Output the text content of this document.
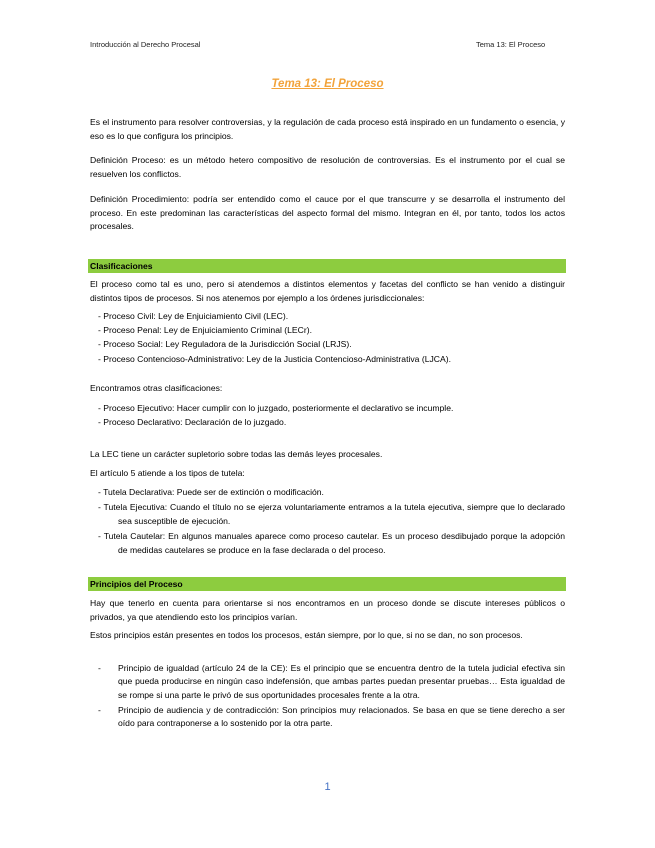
Introducción al Derecho Procesal	Tema 13: El Proceso
Tema 13: El Proceso

Es el instrumento para resolver controversias, y la regulación de cada proceso está inspirado en un fundamento o esencia, y eso es lo que configura los principios.

Definición Proceso: es un método hetero compositivo de resolución de controversias. Es el instrumento por el cual se resuelven los conflictos.

Definición Procedimiento: podría ser entendido como el cauce por el que transcurre y se desarrolla el instrumento del proceso. En este predominan las características del aspecto formal del mismo. Integran en él, por tanto, todos los actos procesales.

Clasificaciones

El proceso como tal es uno, pero si atendemos a distintos elementos y facetas del conflicto se han venido a distinguir distintos tipos de procesos. Si nos atenemos por ejemplo a los órdenes jurisdiccionales:

- Proceso Civil: Ley de Enjuiciamiento Civil (LEC).
- Proceso Penal: Ley de Enjuiciamiento Criminal (LECr).
- Proceso Social: Ley Reguladora de la Jurisdicción Social (LRJS).
- Proceso Contencioso-Administrativo: Ley de la Justicia Contencioso-Administrativa (LJCA).
Encontramos otras clasificaciones:
- Proceso Ejecutivo: Hacer cumplir con lo juzgado, posteriormente el declarativo se incumple.
- Proceso Declarativo: Declaración de lo juzgado.
La LEC tiene un carácter supletorio sobre todas las demás leyes procesales.
El artículo 5 atiende a los tipos de tutela:
- Tutela Declarativa: Puede ser de extinción o modificación.
- Tutela Ejecutiva: Cuando el título no se ejerza voluntariamente entramos a la tutela ejecutiva, siempre que lo declarado sea susceptible de ejecución.
- Tutela Cautelar: En algunos manuales aparece como proceso cautelar. Es un proceso desdibujado porque la adopción de medidas cautelares se produce en la fase declarada o del proceso.
Principios del Proceso

Hay que tenerlo en cuenta para orientarse si nos encontramos en un proceso donde se discute intereses públicos o privados, ya que atendiendo esto los principios varían.

Estos principios están presentes en todos los procesos, están siempre, por lo que, si no se dan, no son procesos.

-	Principio de igualdad (artículo 24 de la CE): Es el principio que se encuentra dentro de la tutela judicial efectiva sin que pueda producirse en ningún caso indefensión, que ambas partes puedan presentar pruebas… Esta igualdad de se rompe si una parte le privó de sus oportunidades procesales frente a la otra.
-	Principio de audiencia y de contradicción: Son principios muy relacionados. Se basa en que se tiene derecho a ser oído para contraponerse a lo sostenido por la otra parte.
1
